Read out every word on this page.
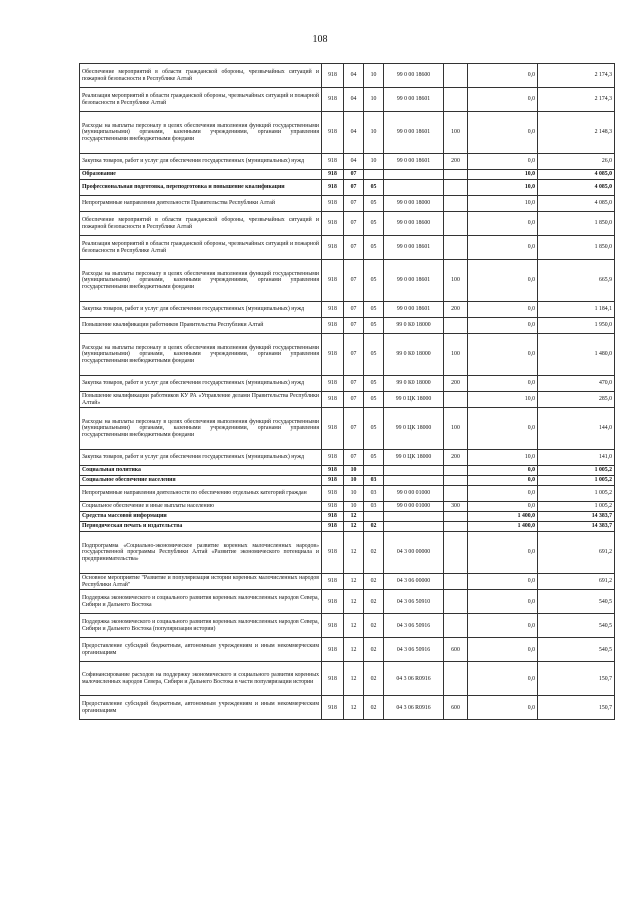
108
Обеспечение мероприятий в области гражданской обороны, чрезвычайных ситуаций и пожарной безопасности в Республике Алтай	918	04	10	99 0 00 18600		0,0	2 174,3
Реализация мероприятий в области гражданской обороны, чрезвычайных ситуаций и пожарной безопасности в Республике Алтай	918	04	10	99 0 00 18601		0,0	2 174,3
Расходы на выплаты персоналу в целях обеспечения выполнения функций государственными (муниципальными) органами, казенными учреждениями, органами управления государственными внебюджетными фондами	918	04	10	99 0 00 18601	100	0,0	2 148,3
Закупка товаров, работ и услуг для обеспечения государственных (муниципальных) нужд	918	04	10	99 0 00 18601	200	0,0	26,0
Образование	918	07				10,0	4 085,0
Профессиональная подготовка, переподготовка и повышение квалификации	918	07	05			10,0	4 085,0
Непрограммные направления деятельности Правительства Республики Алтай	918	07	05	99 0 00 18000		10,0	4 085,0
Обеспечение мероприятий в области гражданской обороны, чрезвычайных ситуаций и пожарной безопасности в Республике Алтай	918	07	05	99 0 00 18600		0,0	1 850,0
Реализация мероприятий в области гражданской обороны, чрезвычайных ситуаций и пожарной безопасности в Республике Алтай	918	07	05	99 0 00 18601		0,0	1 850,0
Расходы на выплаты персоналу в целях обеспечения выполнения функций государственными (муниципальными) органами, казенными учреждениями, органами управления государственными внебюджетными фондами	918	07	05	99 0 00 18601	100	0,0	665,9
Закупка товаров, работ и услуг для обеспечения государственных (муниципальных) нужд	918	07	05	99 0 00 18601	200	0,0	1 184,1
Повышение квалификации работников Правительства Республики Алтай	918	07	05	99 0 К0 18000		0,0	1 950,0
Расходы на выплаты персоналу в целях обеспечения выполнения функций государственными (муниципальными) органами, казенными учреждениями, органами управления государственными внебюджетными фондами	918	07	05	99 0 К0 18000	100	0,0	1 480,0
Закупка товаров, работ и услуг для обеспечения государственных (муниципальных) нужд	918	07	05	99 0 К0 18000	200	0,0	470,0
Повышение квалификации работников КУ РА «Управление делами Правительства Республики Алтай»	918	07	05	99 0 ЦК 18000		10,0	285,0
Расходы на выплаты персоналу в целях обеспечения выполнения функций государственными (муниципальными) органами, казенными учреждениями, органами управления государственными внебюджетными фондами	918	07	05	99 0 ЦК 18000	100	0,0	144,0
Закупка товаров, работ и услуг для обеспечения государственных (муниципальных) нужд	918	07	05	99 0 ЦК 18000	200	10,0	141,0
Социальная политика	918	10				0,0	1 005,2
Социальное обеспечение населения	918	10	03			0,0	1 005,2
Непрограммные направления деятельности по обеспечению отдельных категорий граждан	918	10	03	99 0 00 01000		0,0	1 005,2
Социальное обеспечение и иные выплаты населению	918	10	03	99 0 00 01000	300	0,0	1 005,2
Средства массовой информации	918	12				1 400,0	14 383,7
Периодическая печать и издательства	918	12	02			1 400,0	14 383,7
Подпрограмма «Социально-экономическое развитие коренных малочисленных народов» государственной программы Республики Алтай «Развитие экономического потенциала и предпринимательства»	918	12	02	04 3 00 00000		0,0	691,2
Основное мероприятие "Развитие и популяризация истории коренных малочисленных народов Республики Алтай"	918	12	02	04 3 06 00000		0,0	691,2
Поддержка экономического и социального развития коренных малочисленных народов Севера, Сибири и Дальнего Востока	918	12	02	04 3 06 50910		0,0	540,5
Поддержка экономического и социального развития коренных малочисленных народов Севера, Сибири и Дальнего Востока (популяризация истории)	918	12	02	04 3 06 50916		0,0	540,5
Предоставление субсидий бюджетным, автономным учреждениям и иным некоммерческим организациям	918	12	02	04 3 06 50916	600	0,0	540,5
Софинансирование расходов на поддержку экономического и социального развития коренных малочисленных народов Севера, Сибири и Дальнего Востока в части популяризации истории	918	12	02	04 3 06 R0916		0,0	150,7
Предоставление субсидий бюджетным, автономным учреждениям и иным некоммерческим организациям	918	12	02	04 3 06 R0916	600	0,0	150,7
